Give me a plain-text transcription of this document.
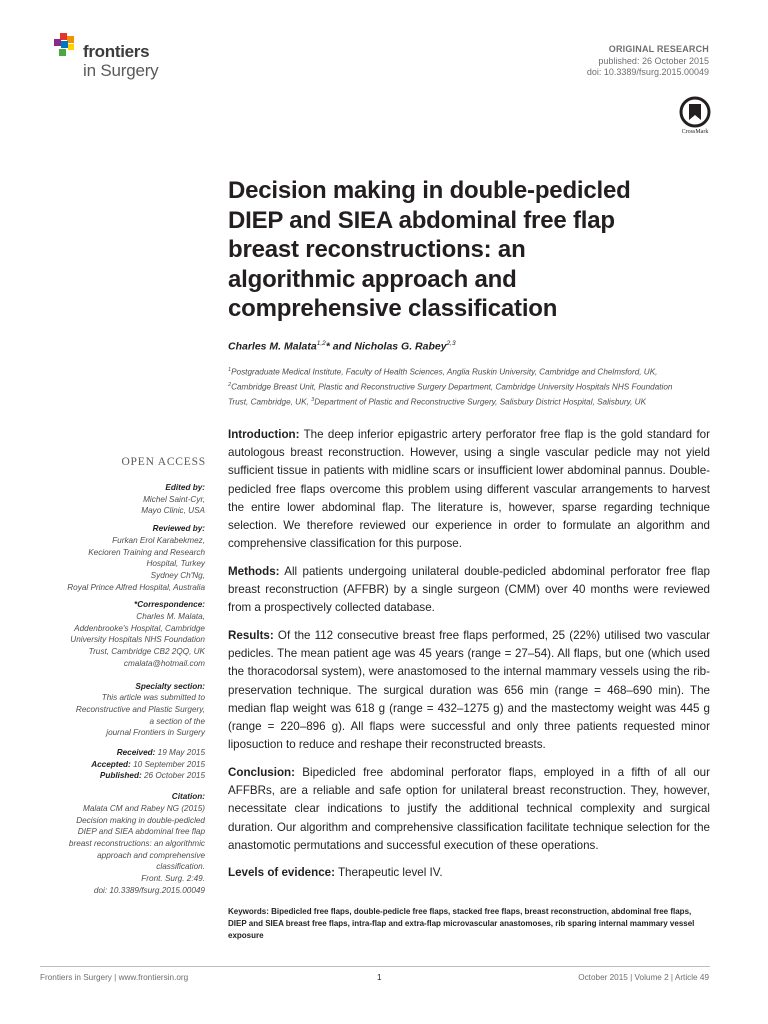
frontiers
in Surgery
ORIGINAL RESEARCH
published: 26 October 2015
doi: 10.3389/fsurg.2015.00049
CrossMark
Decision making in double-pedicled
DIEP and SIEA abdominal free flap
breast reconstructions: an
algorithmic approach and
comprehensive classification
Charles M. Malata$^{1,2}$* and Nicholas G. Rabey$^{2,3}$
$^1$Postgraduate Medical Institute, Faculty of Health Sciences, Anglia Ruskin University, Cambridge and Chelmsford, UK,
$^2$Cambridge Breast Unit, Plastic and Reconstructive Surgery Department, Cambridge University Hospitals NHS Foundation
Trust, Cambridge, UK, $^3$Department of Plastic and Reconstructive Surgery, Salisbury District Hospital, Salisbury, UK
OPEN ACCESS
Edited by:
Michel Saint-Cyr,
Mayo Clinic, USA
Reviewed by:
Furkan Erol Karabekmez,
Kecioren Training and Research
Hospital, Turkey
Sydney Ch'Ng,
Royal Prince Alfred Hospital, Australia
*Correspondence:
Charles M. Malata,
Addenbrooke's Hospital, Cambridge
University Hospitals NHS Foundation
Trust, Cambridge CB2 2QQ, UK
cmalata@hotmail.com
Specialty section:
This article was submitted to
Reconstructive and Plastic Surgery,
a section of the
journal Frontiers in Surgery
Received: 19 May 2015
Accepted: 10 September 2015
Published: 26 October 2015
Citation:
Malata CM and Rabey NG (2015)
Decision making in double-pedicled
DIEP and SIEA abdominal free flap
breast reconstructions: an algorithmic
approach and comprehensive
classification.
Front. Surg. 2:49.
doi: 10.3389/fsurg.2015.00049

Introduction: The deep inferior epigastric artery perforator free flap is the gold standard for autologous breast reconstruction. However, using a single vascular pedicle may not yield sufficient tissue in patients with midline scars or insufficient lower abdominal pannus. Double-pedicled free flaps overcome this problem using different vascular arrangements to harvest the entire lower abdominal flap. The literature is, however, sparse regarding technique selection. We therefore reviewed our experience in order to formulate an algorithm and comprehensive classification for this purpose.

Methods: All patients undergoing unilateral double-pedicled abdominal perforator free flap breast reconstruction (AFFBR) by a single surgeon (CMM) over 40 months were reviewed from a prospectively collected database.

Results: Of the 112 consecutive breast free flaps performed, 25 (22%) utilised two vascular pedicles. The mean patient age was 45 years (range = 27–54). All flaps, but one (which used the thoracodorsal system), were anastomosed to the internal mammary vessels using the rib-preservation technique. The surgical duration was 656 min (range = 468–690 min). The median flap weight was 618 g (range = 432–1275 g) and the mastectomy weight was 445 g (range = 220–896 g). All flaps were successful and only three patients requested minor liposuction to reduce and reshape their reconstructed breasts.

Conclusion: Bipedicled free abdominal perforator flaps, employed in a fifth of all our AFFBRs, are a reliable and safe option for unilateral breast reconstruction. They, however, necessitate clear indications to justify the additional technical complexity and surgical duration. Our algorithm and comprehensive classification facilitate technique selection for the anastomotic permutations and successful execution of these operations.

Levels of evidence: Therapeutic level IV.

Keywords: Bipedicled free flaps, double-pedicle free flaps, stacked free flaps, breast reconstruction, abdominal free flaps, DIEP and SIEA breast free flaps, intra-flap and extra-flap microvascular anastomoses, rib sparing internal mammary vessel exposure
Frontiers in Surgery | www.frontiersin.org	1	October 2015 | Volume 2 | Article 49
